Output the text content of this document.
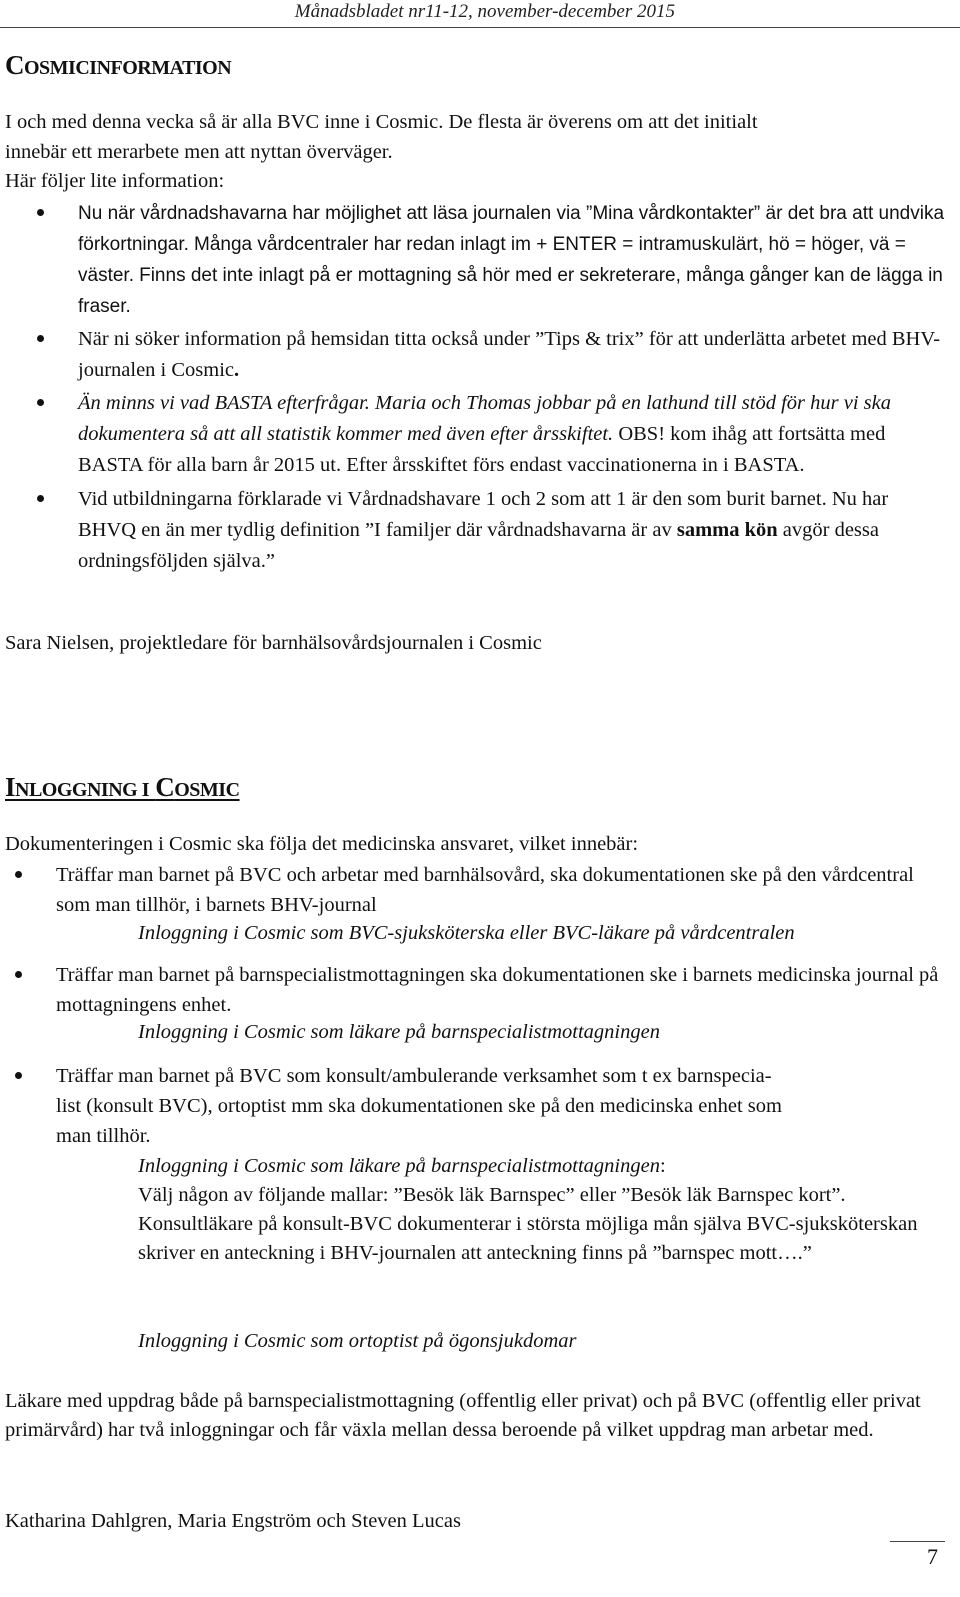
Månadsbladet nr11-12, november-december 2015
COSMICINFORMATION
I och med denna vecka så är alla BVC inne i Cosmic. De flesta är överens om att det initialt
innebär ett merarbete men att nyttan överväger.
Här följer lite information:
Nu när vårdnadshavarna har möjlighet att läsa journalen via ”Mina vårdkontakter” är det bra att undvika förkortningar. Många vårdcentraler har redan inlagt im + ENTER = intramuskulärt, hö = höger, vä = väster. Finns det inte inlagt på er mottagning så hör med er sekreterare, många gånger kan de lägga in fraser.
När ni söker information på hemsidan titta också under ”Tips & trix” för att underlätta arbetet med BHV-journalen i Cosmic.
Än minns vi vad BASTA efterfrågar. Maria och Thomas jobbar på en lathund till stöd för hur vi ska dokumentera så att all statistik kommer med även efter årsskiftet. OBS! kom ihåg att fortsätta med BASTA för alla barn år 2015 ut. Efter årsskiftet förs endast vaccinationerna in i BASTA.
Vid utbildningarna förklarade vi Vårdnadshavare 1 och 2 som att 1 är den som burit barnet. Nu har BHVQ en än mer tydlig definition ”I familjer där vårdnadshavarna är av samma kön avgör dessa ordningsföljden själva.”
Sara Nielsen, projektledare för barnhälsovårdsjournalen i Cosmic
INLOGGNING I COSMIC
Dokumenteringen i Cosmic ska följa det medicinska ansvaret, vilket innebär:
Träffar man barnet på BVC och arbetar med barnhälsovård, ska dokumentationen ske på den vårdcentral som man tillhör, i barnets BHV-journal
Inloggning i Cosmic som BVC-sjuksköterska eller BVC-läkare på vårdcentralen
Träffar man barnet på barnspecialistmottagningen ska dokumentationen ske i barnets medicinska journal på mottagningens enhet.
Inloggning i Cosmic som läkare på barnspecialistmottagningen
Träffar man barnet på BVC som konsult/ambulerande verksamhet som t ex barnspecia-
list (konsult BVC), ortoptist mm ska dokumentationen ske på den medicinska enhet som
man tillhör.
Inloggning i Cosmic som läkare på barnspecialistmottagningen:
Välj någon av följande mallar: ”Besök läk Barnspec” eller ”Besök läk Barnspec kort”. Konsultläkare på konsult-BVC dokumenterar i största möjliga mån själva BVC-sjuksköterskan skriver en anteckning i BHV-journalen att anteckning finns på ”barnspec mott….”
Inloggning i Cosmic som ortoptist på ögonsjukdomar
Läkare med uppdrag både på barnspecialistmottagning (offentlig eller privat) och på BVC (offentlig eller privat primärvård) har två inloggningar och får växla mellan dessa beroende på vilket uppdrag man arbetar med.
Katharina Dahlgren, Maria Engström och Steven Lucas
7
